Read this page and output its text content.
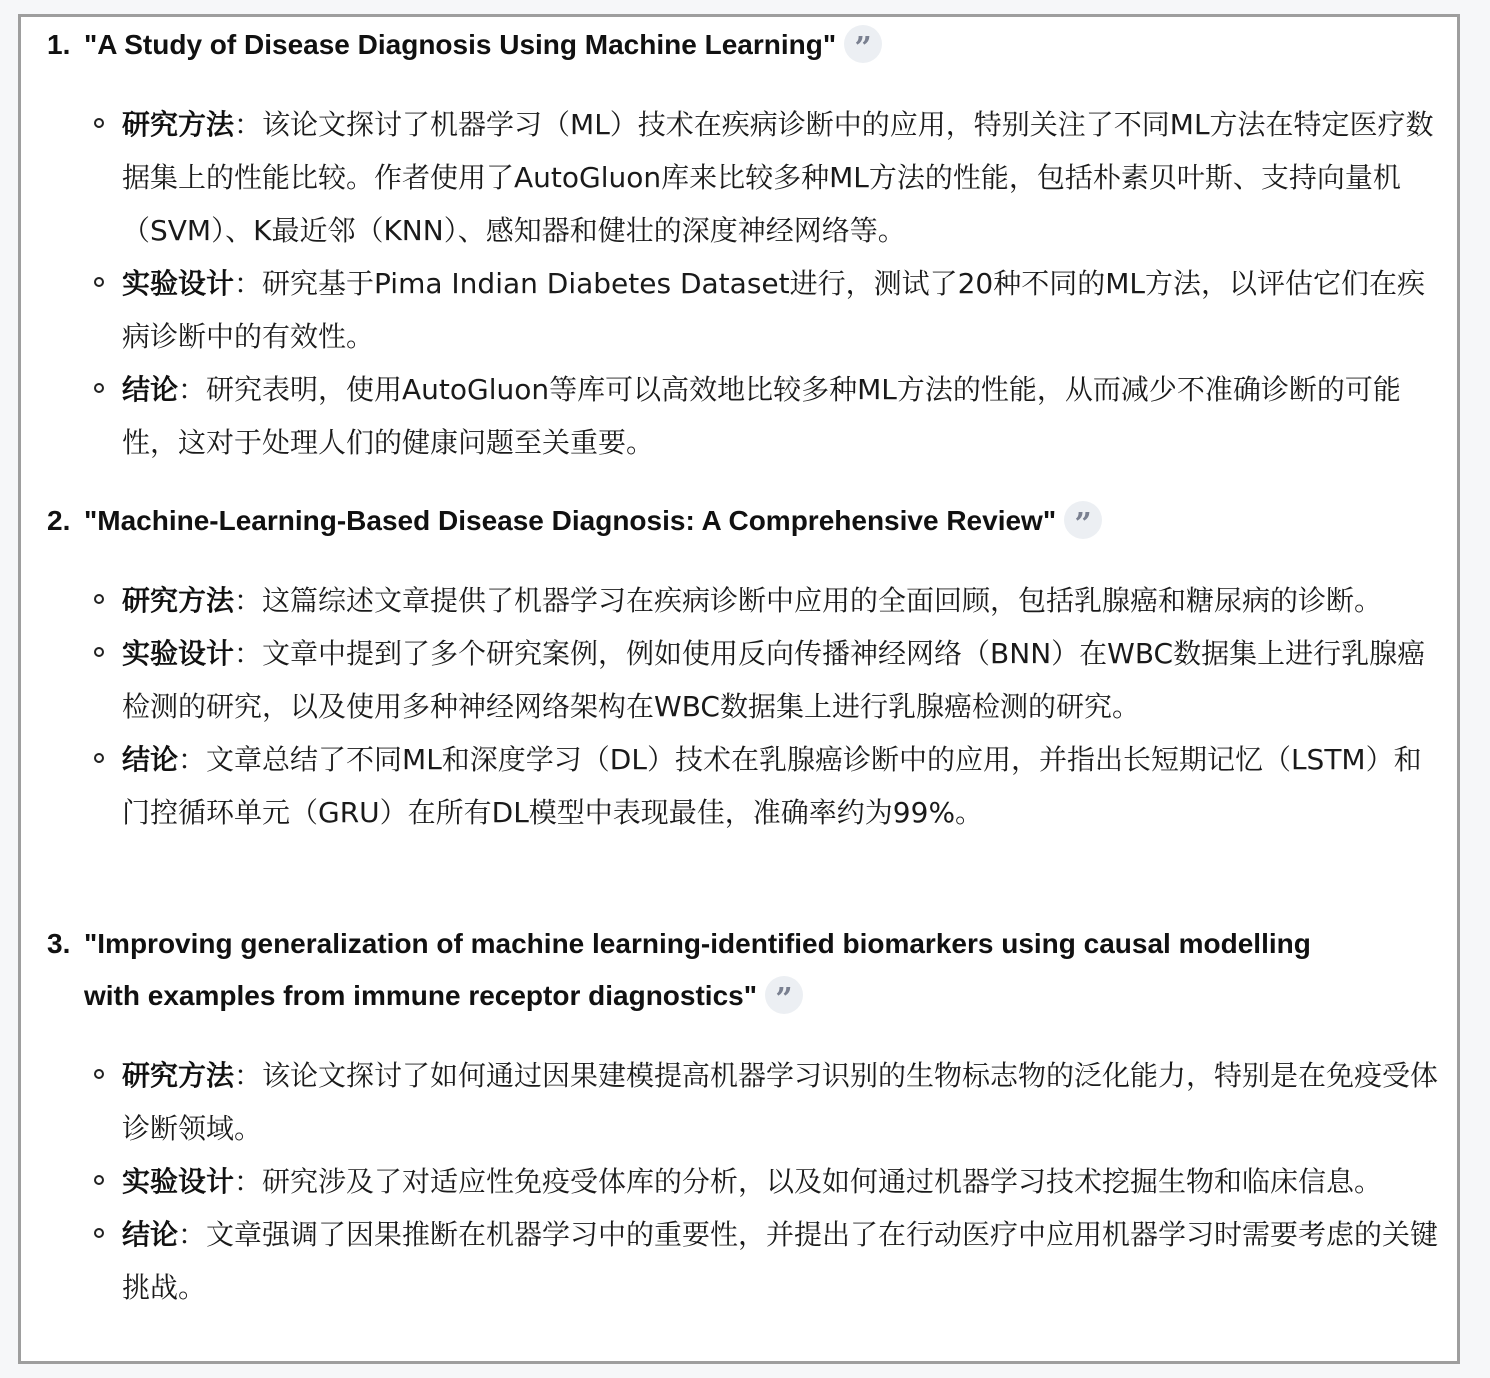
1. "A Study of Disease Diagnosis Using Machine Learning" ”
研究方法：该论文探讨了机器学习（ML）技术在疾病诊断中的应用，特别关注了不同ML方法在特定医疗数据集上的性能比较。作者使用了AutoGluon库来比较多种ML方法的性能，包括朴素贝叶斯、支持向量机（SVM）、K最近邻（KNN）、感知器和健壮的深度神经网络等。
实验设计：研究基于Pima Indian Diabetes Dataset进行，测试了20种不同的ML方法，以评估它们在疾病诊断中的有效性。
结论：研究表明，使用AutoGluon等库可以高效地比较多种ML方法的性能，从而减少不准确诊断的可能性，这对于处理人们的健康问题至关重要。
2. "Machine-Learning-Based Disease Diagnosis: A Comprehensive Review" ”
研究方法：这篇综述文章提供了机器学习在疾病诊断中应用的全面回顾，包括乳腺癌和糖尿病的诊断。
实验设计：文章中提到了多个研究案例，例如使用反向传播神经网络（BNN）在WBC数据集上进行乳腺癌检测的研究，以及使用多种神经网络架构在WBC数据集上进行乳腺癌检测的研究。
结论：文章总结了不同ML和深度学习（DL）技术在乳腺癌诊断中的应用，并指出长短期记忆（LSTM）和门控循环单元（GRU）在所有DL模型中表现最佳，准确率约为99%。
3. "Improving generalization of machine learning-identified biomarkers using causal modelling with examples from immune receptor diagnostics" ”
研究方法：该论文探讨了如何通过因果建模提高机器学习识别的生物标志物的泛化能力，特别是在免疫受体诊断领域。
实验设计：研究涉及了对适应性免疫受体库的分析，以及如何通过机器学习技术挖掘生物和临床信息。
结论：文章强调了因果推断在机器学习中的重要性，并提出了在行动医疗中应用机器学习时需要考虑的关键挑战。
